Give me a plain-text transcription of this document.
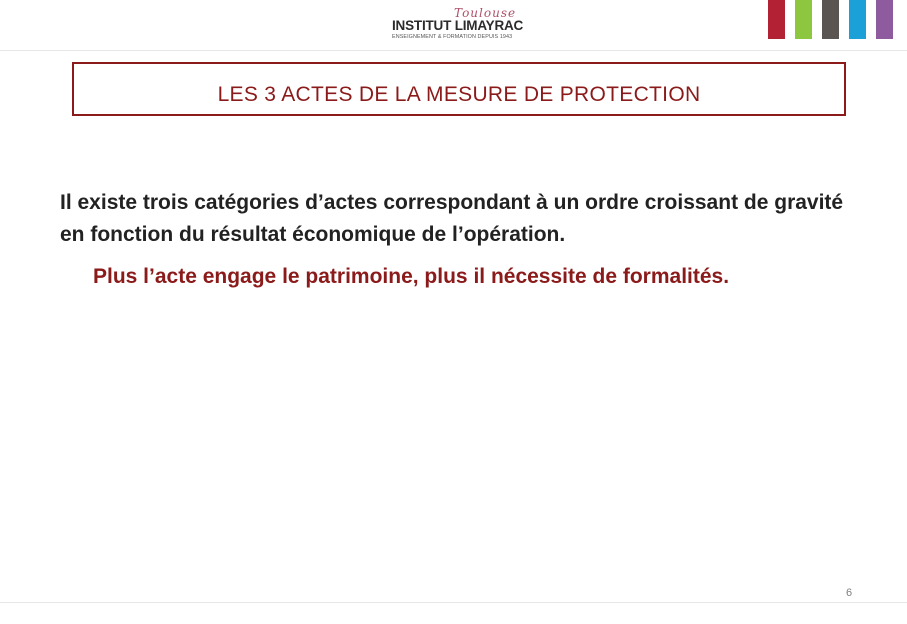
Toulouse
INSTITUT LIMAYRAC
ENSEIGNEMENT & FORMATION DEPUIS 1943
LES 3 ACTES DE LA MESURE DE PROTECTION
Il existe trois catégories d’actes correspondant à un ordre croissant de gravité en fonction du résultat économique de l’opération.
Plus l’acte engage le patrimoine, plus il nécessite de formalités.
6
